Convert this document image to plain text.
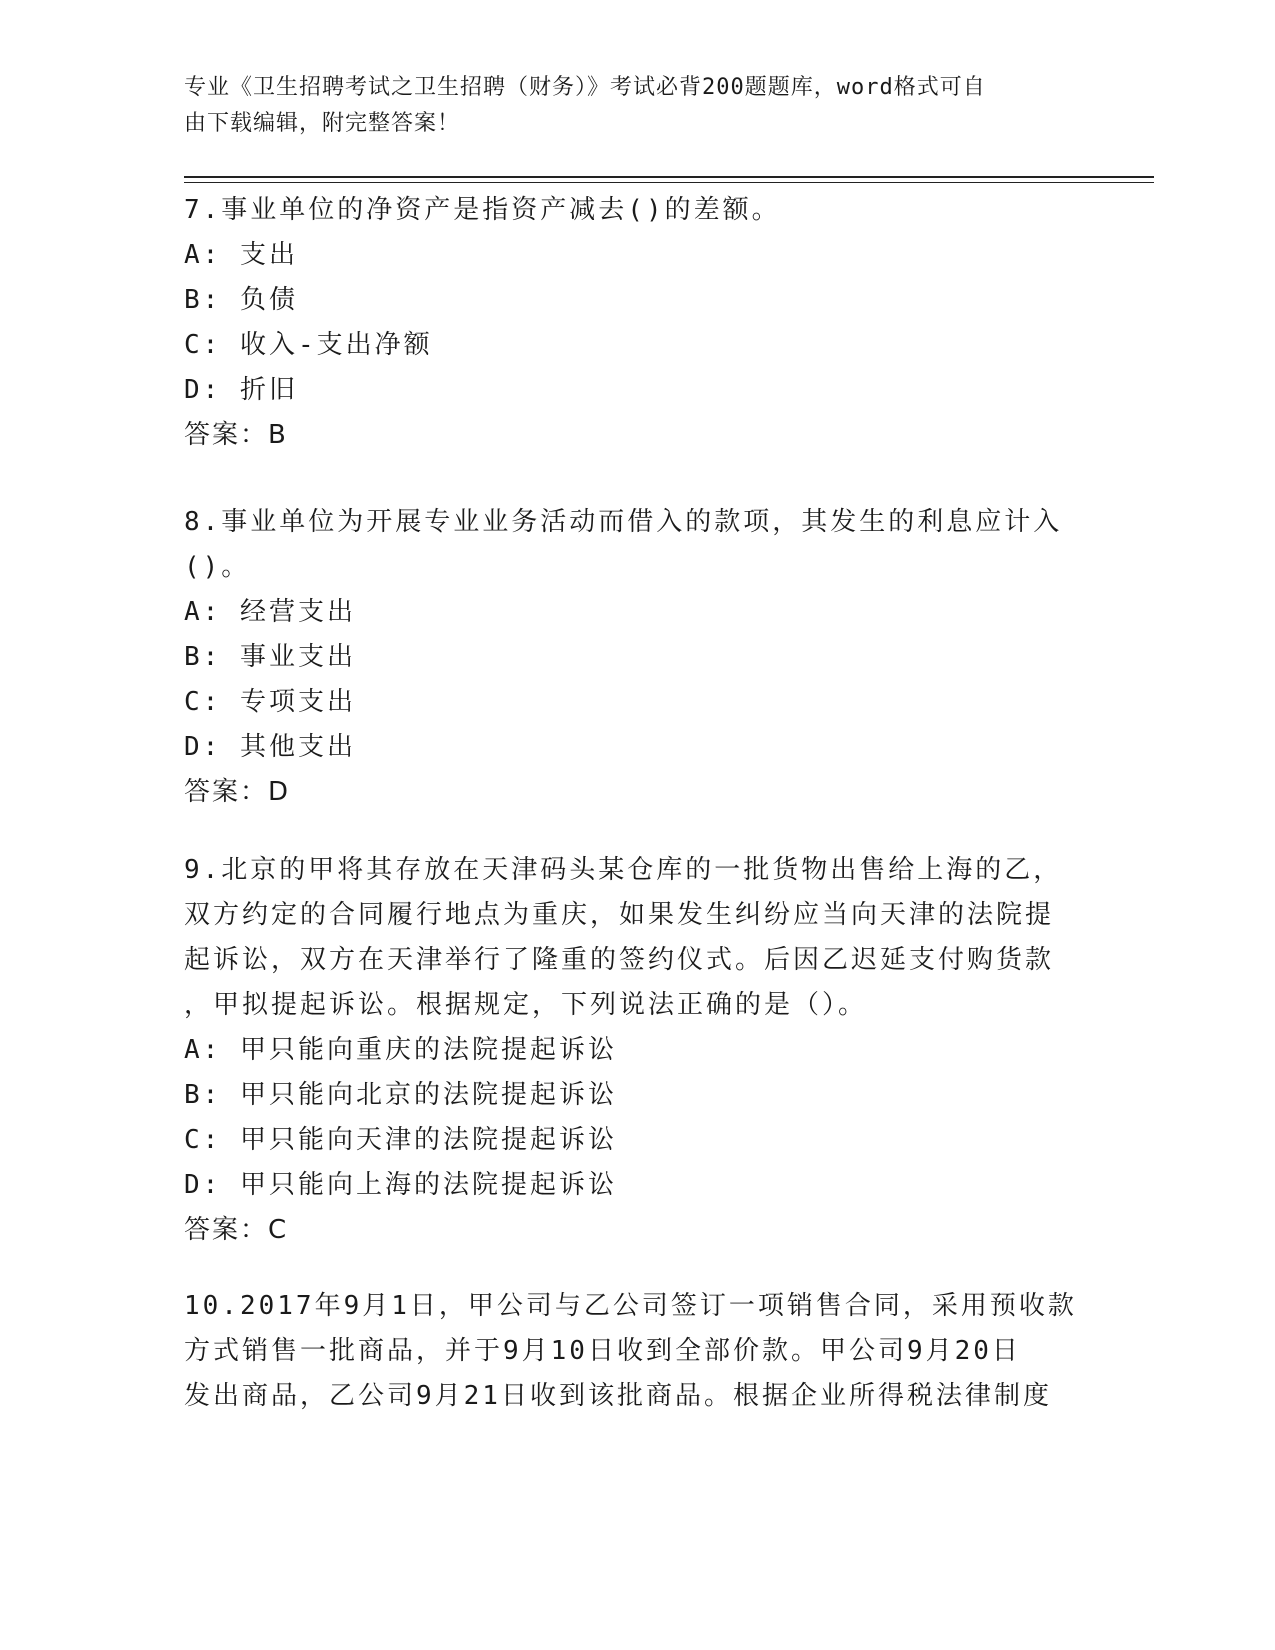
专业《卫生招聘考试之卫生招聘（财务）》考试必背200题题库，word格式可自
由下载编辑，附完整答案！
7.事业单位的净资产是指资产减去()的差额。
A: 支出
B: 负债
C: 收入-支出净额
D: 折旧
答案：B
8.事业单位为开展专业业务活动而借入的款项，其发生的利息应计入
()。
A: 经营支出
B: 事业支出
C: 专项支出
D: 其他支出
答案：D
9.北京的甲将其存放在天津码头某仓库的一批货物出售给上海的乙，
双方约定的合同履行地点为重庆，如果发生纠纷应当向天津的法院提
起诉讼，双方在天津举行了隆重的签约仪式。后因乙迟延支付购货款
，甲拟提起诉讼。根据规定，下列说法正确的是（）。
A: 甲只能向重庆的法院提起诉讼
B: 甲只能向北京的法院提起诉讼
C: 甲只能向天津的法院提起诉讼
D: 甲只能向上海的法院提起诉讼
答案：C
10.2017年9月1日，甲公司与乙公司签订一项销售合同，采用预收款
方式销售一批商品，并于9月10日收到全部价款。甲公司9月20日
发出商品，乙公司9月21日收到该批商品。根据企业所得税法律制度
